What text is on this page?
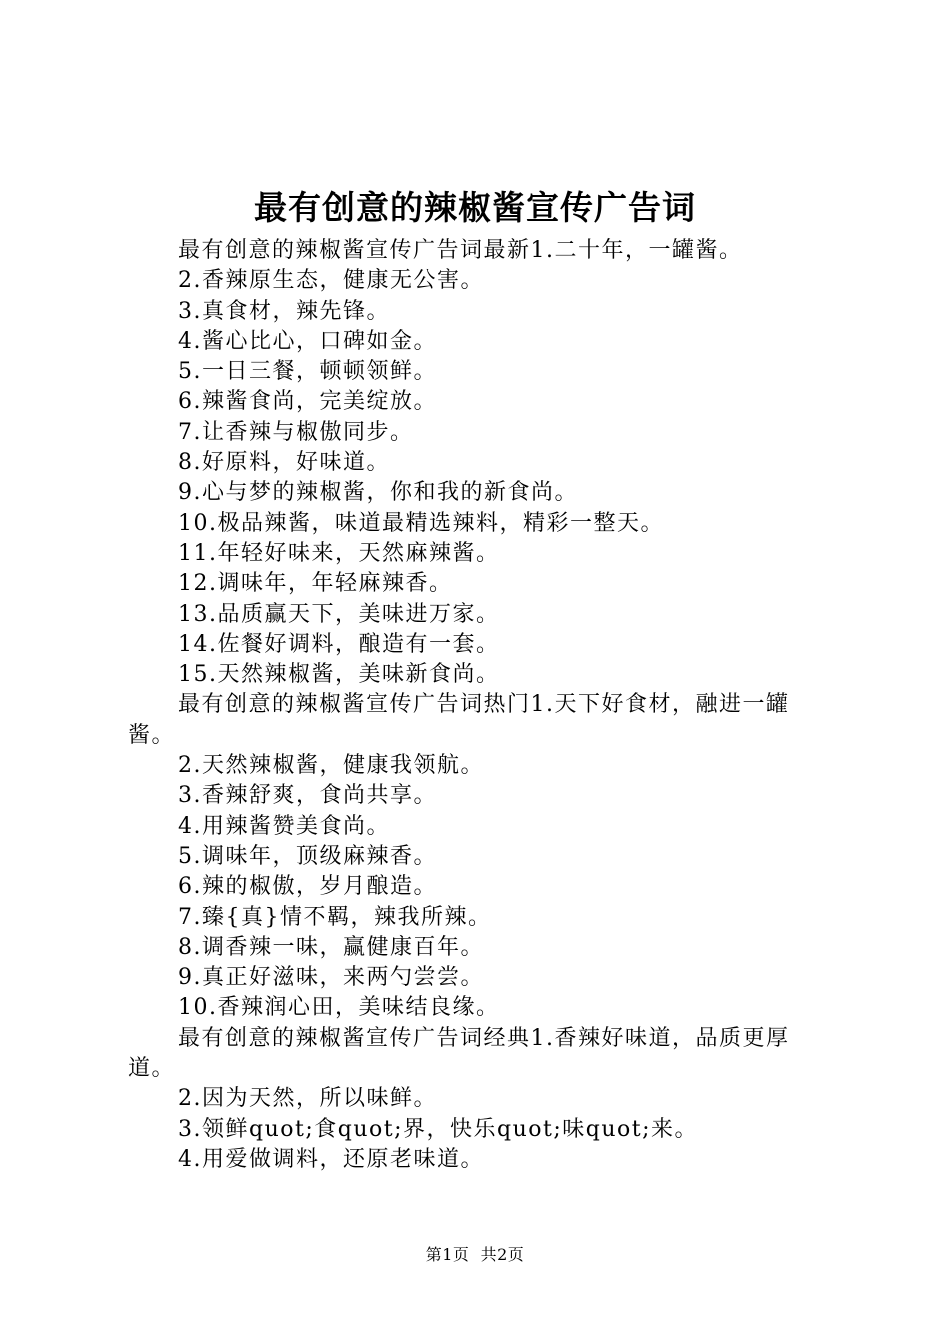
最有创意的辣椒酱宣传广告词

最有创意的辣椒酱宣传广告词最新1.二十年，一罐酱。

2.香辣原生态，健康无公害。

3.真食材，辣先锋。

4.酱心比心，口碑如金。

5.一日三餐，顿顿领鲜。

6.辣酱食尚，完美绽放。

7.让香辣与椒傲同步。

8.好原料，好味道。

9.心与梦的辣椒酱，你和我的新食尚。

10.极品辣酱，味道最精选辣料，精彩一整天。

11.年轻好味来，天然麻辣酱。

12.调味年，年轻麻辣香。

13.品质赢天下，美味进万家。

14.佐餐好调料，酿造有一套。

15.天然辣椒酱，美味新食尚。

最有创意的辣椒酱宣传广告词热门1.天下好食材，融进一罐酱。

2.天然辣椒酱，健康我领航。

3.香辣舒爽，食尚共享。

4.用辣酱赞美食尚。

5.调味年，顶级麻辣香。

6.辣的椒傲，岁月酿造。

7.臻{真}情不羁，辣我所辣。

8.调香辣一味，赢健康百年。

9.真正好滋味，来两勺尝尝。

10.香辣润心田，美味结良缘。

最有创意的辣椒酱宣传广告词经典1.香辣好味道，品质更厚道。

2.因为天然，所以味鲜。

3.领鲜quot;食quot;界，快乐quot;味quot;来。

4.用爱做调料，还原老味道。

第1页 共2页
